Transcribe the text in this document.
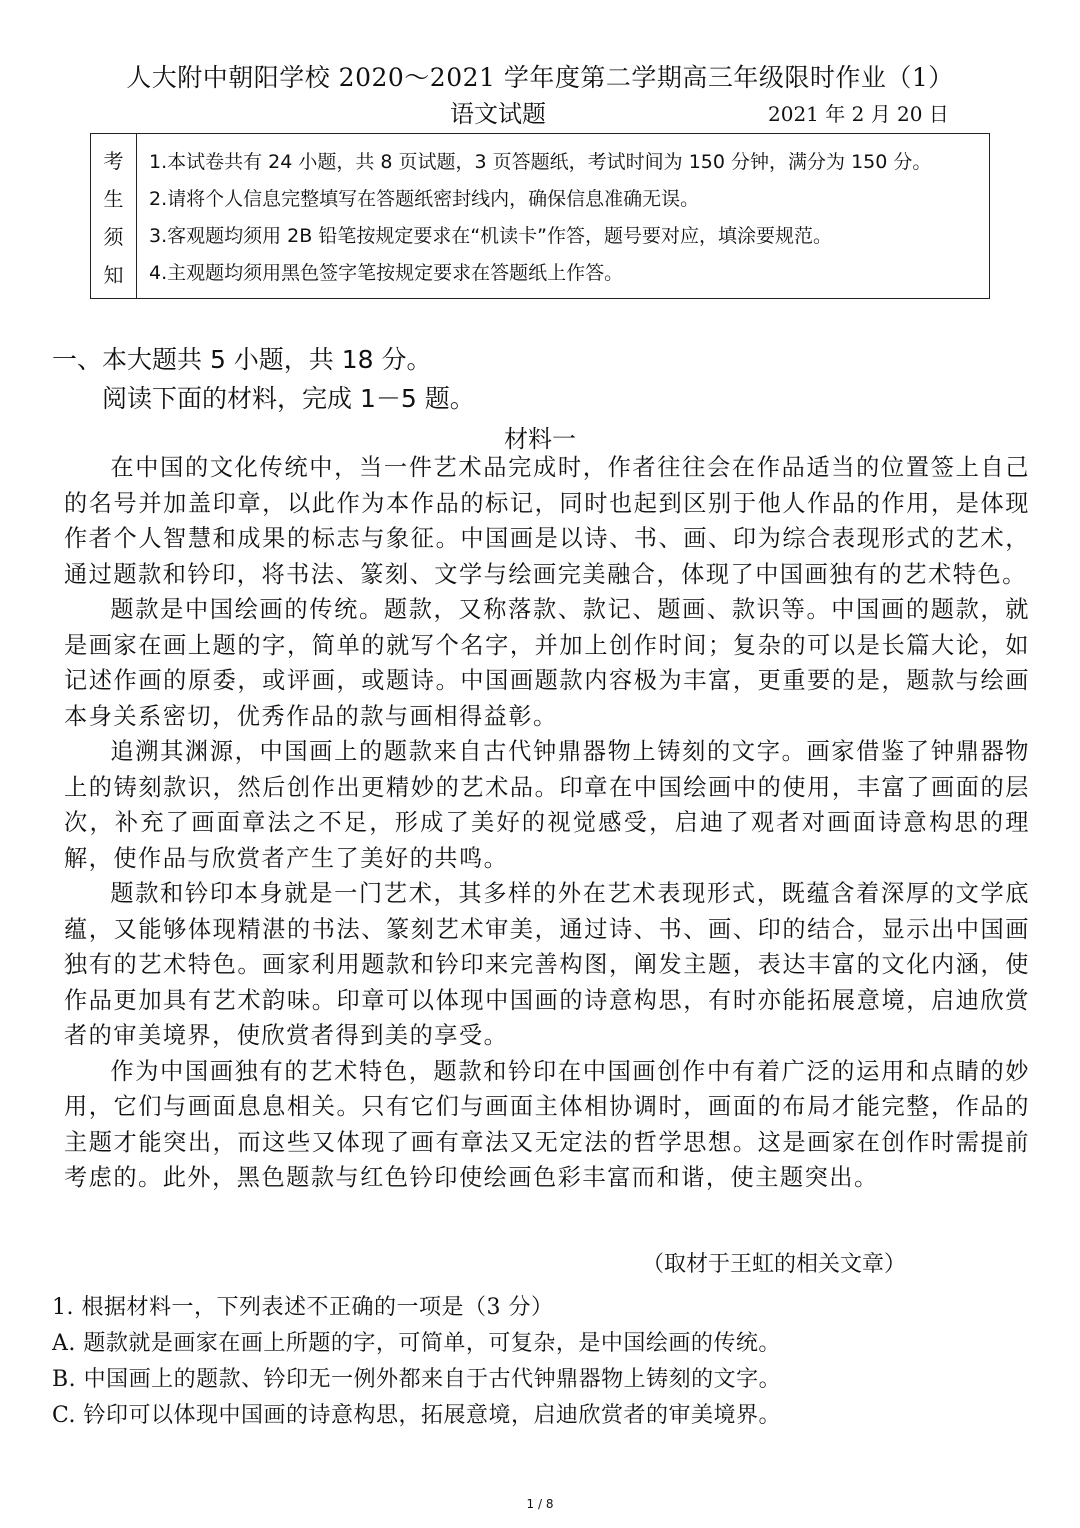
人大附中朝阳学校 2020～2021 学年度第二学期高三年级限时作业（1）
语文试题	2021 年 2 月 20 日
考
生
须
知
1.本试卷共有 24 小题，共 8 页试题，3 页答题纸，考试时间为 150 分钟，满分为 150 分。
2.请将个人信息完整填写在答题纸密封线内，确保信息准确无误。
3.客观题均须用 2B 铅笔按规定要求在“机读卡”作答，题号要对应，填涂要规范。
4.主观题均须用黑色签字笔按规定要求在答题纸上作答。
一、本大题共 5 小题，共 18 分。
阅读下面的材料，完成 1－5 题。
材料一

在中国的文化传统中，当一件艺术品完成时，作者往往会在作品适当的位置签上自己的名号并加盖印章，以此作为本作品的标记，同时也起到区别于他人作品的作用，是体现作者个人智慧和成果的标志与象征。中国画是以诗、书、画、印为综合表现形式的艺术，通过题款和钤印，将书法、篆刻、文学与绘画完美融合，体现了中国画独有的艺术特色。

题款是中国绘画的传统。题款，又称落款、款记、题画、款识等。中国画的题款，就是画家在画上题的字，简单的就写个名字，并加上创作时间；复杂的可以是长篇大论，如记述作画的原委，或评画，或题诗。中国画题款内容极为丰富，更重要的是，题款与绘画本身关系密切，优秀作品的款与画相得益彰。

追溯其渊源，中国画上的题款来自古代钟鼎器物上铸刻的文字。画家借鉴了钟鼎器物上的铸刻款识，然后创作出更精妙的艺术品。印章在中国绘画中的使用，丰富了画面的层次，补充了画面章法之不足，形成了美好的视觉感受，启迪了观者对画面诗意构思的理解，使作品与欣赏者产生了美好的共鸣。

题款和钤印本身就是一门艺术，其多样的外在艺术表现形式，既蕴含着深厚的文学底蕴，又能够体现精湛的书法、篆刻艺术审美，通过诗、书、画、印的结合，显示出中国画独有的艺术特色。画家利用题款和钤印来完善构图，阐发主题，表达丰富的文化内涵，使作品更加具有艺术韵味。印章可以体现中国画的诗意构思，有时亦能拓展意境，启迪欣赏者的审美境界，使欣赏者得到美的享受。

作为中国画独有的艺术特色，题款和钤印在中国画创作中有着广泛的运用和点睛的妙用，它们与画面息息相关。只有它们与画面主体相协调时，画面的布局才能完整，作品的主题才能突出，而这些又体现了画有章法又无定法的哲学思想。这是画家在创作时需提前考虑的。此外，黑色题款与红色钤印使绘画色彩丰富而和谐，使主题突出。

（取材于王虹的相关文章）
1. 根据材料一，下列表述不正确的一项是（3 分）
A. 题款就是画家在画上所题的字，可简单，可复杂，是中国绘画的传统。
B. 中国画上的题款、钤印无一例外都来自于古代钟鼎器物上铸刻的文字。
C. 钤印可以体现中国画的诗意构思，拓展意境，启迪欣赏者的审美境界。
1 / 8
